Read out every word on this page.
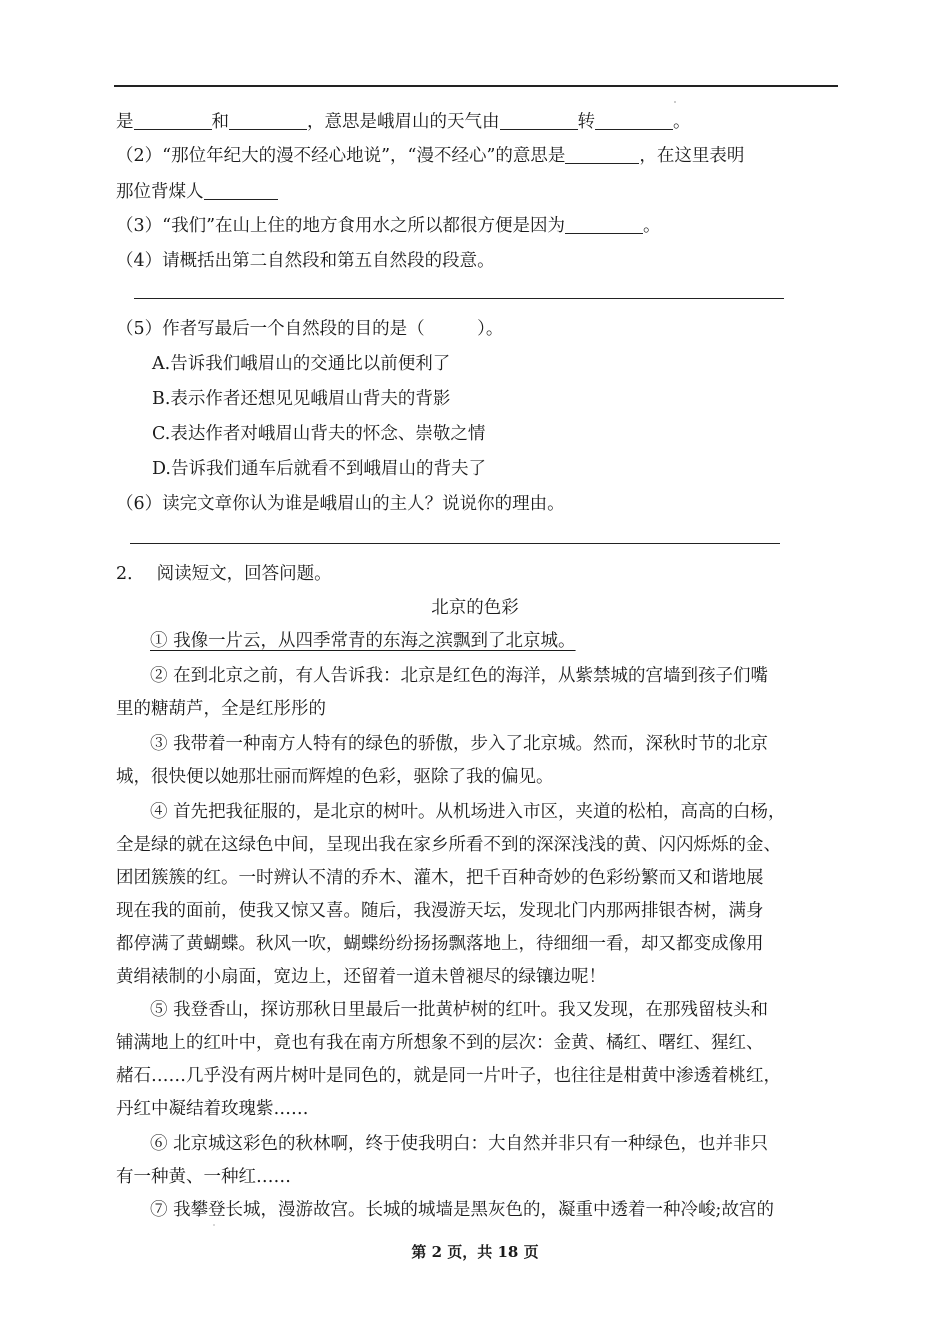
是	和	，意思是峨眉山的天气由	转	。
（2）“那位年纪大的漫不经心地说”，“漫不经心”的意思是	，在这里表明
那位背煤人
（3）“我们”在山上住的地方食用水之所以都很方便是因为	。
（4）请概括出第二自然段和第五自然段的段意。
（5）作者写最后一个自然段的目的是（　　　）。
A.告诉我们峨眉山的交通比以前便利了
B.表示作者还想见见峨眉山背夫的背影
C.表达作者对峨眉山背夫的怀念、崇敬之情
D.告诉我们通车后就看不到峨眉山的背夫了
（6）读完文章你认为谁是峨眉山的主人？说说你的理由。
2． 阅读短文，回答问题。
北京的色彩
① 我像一片云，从四季常青的东海之滨飘到了北京城。
② 在到北京之前，有人告诉我：北京是红色的海洋，从紫禁城的宫墙到孩子们嘴
里的糖葫芦，全是红彤彤的
③ 我带着一种南方人特有的绿色的骄傲，步入了北京城。然而，深秋时节的北京
城，很快便以她那壮丽而辉煌的色彩，驱除了我的偏见。
④ 首先把我征服的，是北京的树叶。从机场进入市区，夹道的松柏，高高的白杨，
全是绿的就在这绿色中间，呈现出我在家乡所看不到的深深浅浅的黄、闪闪烁烁的金、
团团簇簇的红。一时辨认不清的乔木、灌木，把千百种奇妙的色彩纷繁而又和谐地展
现在我的面前，使我又惊又喜。随后，我漫游天坛，发现北门内那两排银杏树，满身
都停满了黄蝴蝶。秋风一吹，蝴蝶纷纷扬扬飘落地上，待细细一看，却又都变成像用
黄绢裱制的小扇面，宽边上，还留着一道未曾褪尽的绿镶边呢！
⑤ 我登香山，探访那秋日里最后一批黄栌树的红叶。我又发现，在那残留枝头和
铺满地上的红叶中，竟也有我在南方所想象不到的层次：金黄、橘红、曙红、猩红、
赭石……几乎没有两片树叶是同色的，就是同一片叶子，也往往是柑黄中渗透着桃红，
丹红中凝结着玫瑰紫……
⑥ 北京城这彩色的秋林啊，终于使我明白：大自然并非只有一种绿色，也并非只
有一种黄、一种红……
⑦ 我攀登长城，漫游故宫。长城的城墙是黑灰色的，凝重中透着一种冷峻;故宫的
第 2 页，共 18 页
